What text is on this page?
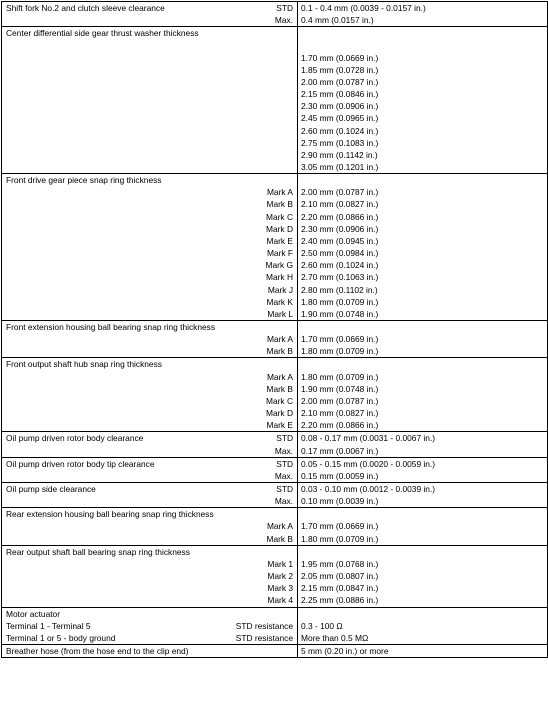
Shift fork No.2 and clutch sleeve clearance STD	0.1 - 0.4 mm (0.0039 - 0.0157 in.)

Max.	0.4 mm (0.0157 in.)

Center differential side gear thrust washer thickness	

	1.70 mm (0.0669 in.)

	1.85 mm (0.0728 in.)

	2.00 mm (0.0787 in.)

	2.15 mm (0.0846 in.)

	2.30 mm (0.0906 in.)

	2.45 mm (0.0965 in.)

	2.60 mm (0.1024 in.)

	2.75 mm (0.1083 in.)

	2.90 mm (0.1142 in.)

	3.05 mm (0.1201 in.)

Front drive gear piece snap ring thickness	

Mark A	2.00 mm (0.0787 in.)

Mark B	2.10 mm (0.0827 in.)

Mark C	2.20 mm (0.0866 in.)

Mark D	2.30 mm (0.0906 in.)

Mark E	2.40 mm (0.0945 in.)

Mark F	2.50 mm (0.0984 in.)

Mark G	2.60 mm (0.1024 in.)

Mark H	2.70 mm (0.1063 in.)

Mark J	2.80 mm (0.1102 in.)

Mark K	1.80 mm (0.0709 in.)

Mark L	1.90 mm (0.0748 in.)

Front extension housing ball bearing snap ring thickness	

Mark A	1.70 mm (0.0669 in.)

Mark B	1.80 mm (0.0709 in.)

Front output shaft hub snap ring thickness	

Mark A	1.80 mm (0.0709 in.)

Mark B	1.90 mm (0.0748 in.)

Mark C	2.00 mm (0.0787 in.)

Mark D	2.10 mm (0.0827 in.)

Mark E	2.20 mm (0.0866 in.)

Oil pump driven rotor body clearance STD	0.08 - 0.17 mm (0.0031 - 0.0067 in.)

Max.	0.17 mm (0.0067 in.)

Oil pump driven rotor body tip clearance STD	0.05 - 0.15 mm (0.0020 - 0.0059 in.)

Max.	0.15 mm (0.0059 in.)

Oil pump side clearance STD	0.03 - 0.10 mm (0.0012 - 0.0039 in.)

Max.	0.10 mm (0.0039 in.)

Rear extension housing ball bearing snap ring thickness	

Mark A	1.70 mm (0.0669 in.)

Mark B	1.80 mm (0.0709 in.)

Rear output shaft ball bearing snap ring thickness	

Mark 1	1.95 mm (0.0768 in.)

Mark 2	2.05 mm (0.0807 in.)

Mark 3	2.15 mm (0.0847 in.)

Mark 4	2.25 mm (0.0886 in.)

Motor actuator	

Terminal 1 - Terminal 5 STD resistance	0.3 - 100 Ω

Terminal 1 or 5 - body ground STD resistance	More than 0.5 MΩ

Breather hose (from the hose end to the clip end)	5 mm (0.20 in.) or more
